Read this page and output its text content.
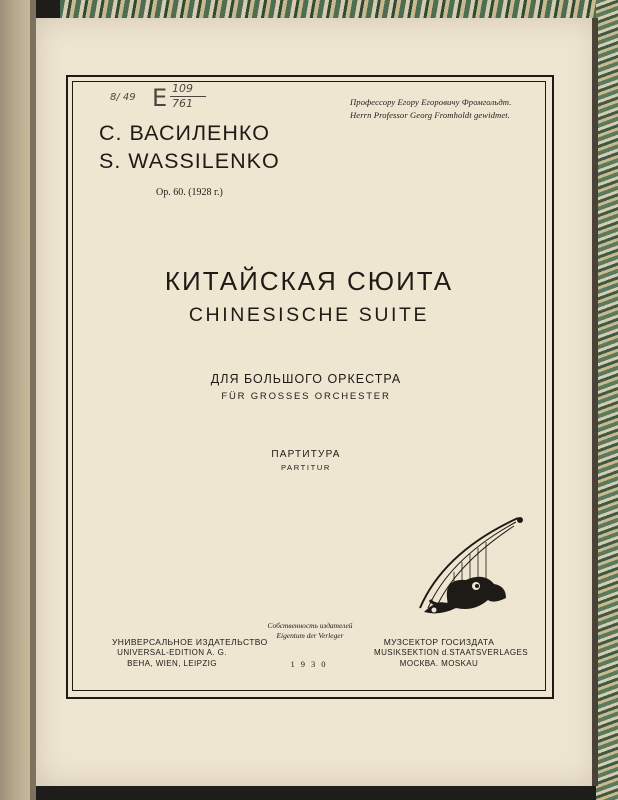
8/ 49 E 109
761	Профессору Егору Егоровичу Фромгольдт.
Herrn Professor Georg Fromholdt gewidmet.
С. ВАСИЛЕНКО
S. WASSILENKO
Op. 60. (1928 г.)
КИТАЙСКАЯ СЮИТА
CHINESISCHE SUITE
ДЛЯ БОЛЬШОГО ОРКЕСТРА
FÜR GROSSES ORCHESTER
ПАРТИТУРА
PARTITUR
УНИВЕРСАЛЬНОЕ ИЗДАТЕЛЬСТВО
UNIVERSAL-EDITION A. G.
BEHA, WIEN, LEIPZIG
Собственность издателей
Eigentum der Verleger
1930
МУЗСЕКТОР ГОСИЗДАТА
MUSIKSEKTION d.STAATSVERLAGES
МОСКВА. MOSKAU
